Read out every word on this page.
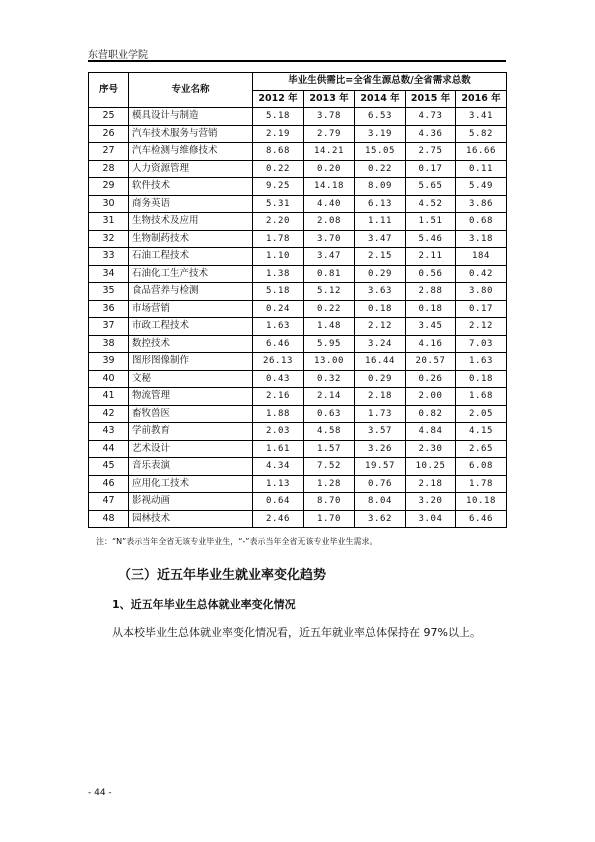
东营职业学院
序号	专业名称	毕业生供需比=全省生源总数/全省需求总数				
		2012 年	2013 年	2014 年	2015 年	2016 年
25	模具设计与制造	5.18	3.78	6.53	4.73	3.41
26	汽车技术服务与营销	2.19	2.79	3.19	4.36	5.82
27	汽车检测与维修技术	8.68	14.21	15.05	2.75	16.66
28	人力资源管理	0.22	0.20	0.22	0.17	0.11
29	软件技术	9.25	14.18	8.09	5.65	5.49
30	商务英语	5.31	4.40	6.13	4.52	3.86
31	生物技术及应用	2.20	2.08	1.11	1.51	0.68
32	生物制药技术	1.78	3.70	3.47	5.46	3.18
33	石油工程技术	1.10	3.47	2.15	2.11	184
34	石油化工生产技术	1.38	0.81	0.29	0.56	0.42
35	食品营养与检测	5.18	5.12	3.63	2.88	3.80
36	市场营销	0.24	0.22	0.18	0.18	0.17
37	市政工程技术	1.63	1.48	2.12	3.45	2.12
38	数控技术	6.46	5.95	3.24	4.16	7.03
39	图形图像制作	26.13	13.00	16.44	20.57	1.63
40	文秘	0.43	0.32	0.29	0.26	0.18
41	物流管理	2.16	2.14	2.18	2.00	1.68
42	畜牧兽医	1.88	0.63	1.73	0.82	2.05
43	学前教育	2.03	4.58	3.57	4.84	4.15
44	艺术设计	1.61	1.57	3.26	2.30	2.65
45	音乐表演	4.34	7.52	19.57	10.25	6.08
46	应用化工技术	1.13	1.28	0.76	2.18	1.78
47	影视动画	0.64	8.70	8.04	3.20	10.18
48	园林技术	2.46	1.70	3.62	3.04	6.46
注：“N”表示当年全省无该专业毕业生，“-”表示当年全省无该专业毕业生需求。
（三）近五年毕业生就业率变化趋势
1、近五年毕业生总体就业率变化情况
从本校毕业生总体就业率变化情况看，近五年就业率总体保持在 97%以上。
- 44 -
